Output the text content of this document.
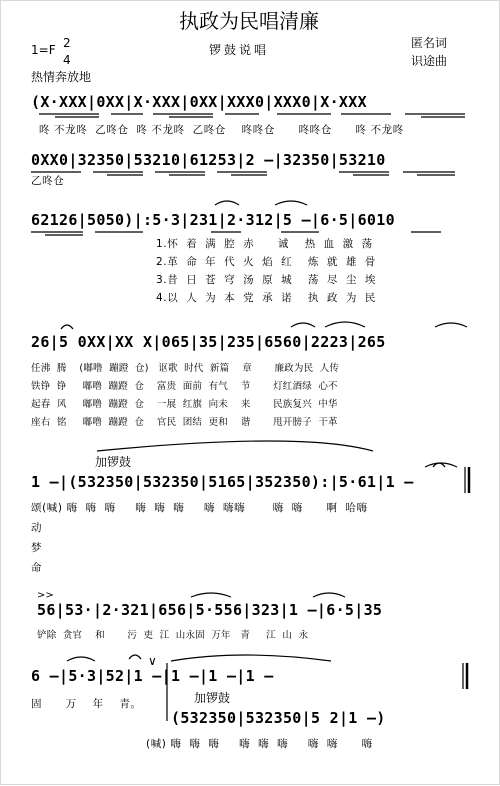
执政为民唱清廉
1=F 2
4
锣鼓说唱	匿名词
识途曲
热情奔放地
(X·XXX|0XX|X·XXX|0XX|XXX0|XXX0|X·XXX
咚 不龙咚  乙咚仓  咚 不龙咚  乙咚仓    咚咚仓      咚咚仓      咚 不龙咚
0XX0|32350|53210|61253|2 –|32350|53210
乙咚仓
62126|5050)|:5·3|231|2·312|5 –|6·5|6010
1.怀  着  满  腔  赤      诚    热  血  激  荡
2.革  命  年  代  火  焰  红    炼  就  雄  骨
3.昔  日  苍  穹  汤  原  城    荡  尽  尘  埃
4.以  人  为  本  党  承  诺    执  政  为  民
26|5 0XX|XX X|065|35|235|6560|2223|265
任沸  腾    (嘟噜  蹦蹬  仓)   讴歌  时代  新篇    章       廉政为民  人传
铁铮  铮     嘟噜  蹦蹬  仓    富贵  面前  有气    节       灯红酒绿  心不
起春  风     嘟噜  蹦蹬  仓    一展  红旗  向未    来       民族复兴  中华
座右  铭     嘟噜  蹦蹬  仓    官民  团结  更和    谐       甩开膀子  干革
加锣鼓
1 –|(532350|532350|5165|352350):|5·61|1 –
颂(喊) 嗨  嗨  嗨     嗨  嗨  嗨     嗨  嗨嗨       嗨  嗨      啊  哈嗨
动
梦
命
>>
56|53·|2·321|656|5·556|323|1 –|6·5|35
铲除  贪官    和       污  吏  江  山永固  万年   青     江  山  永
∨
6 –|5·3|52|1 –|1 –|1 –|1 –
固      万    年    青。	加锣鼓
(532350|532350|5 2|1 –)
(喊) 嗨  嗨  嗨     嗨  嗨  嗨     嗨  嗨      嗨
